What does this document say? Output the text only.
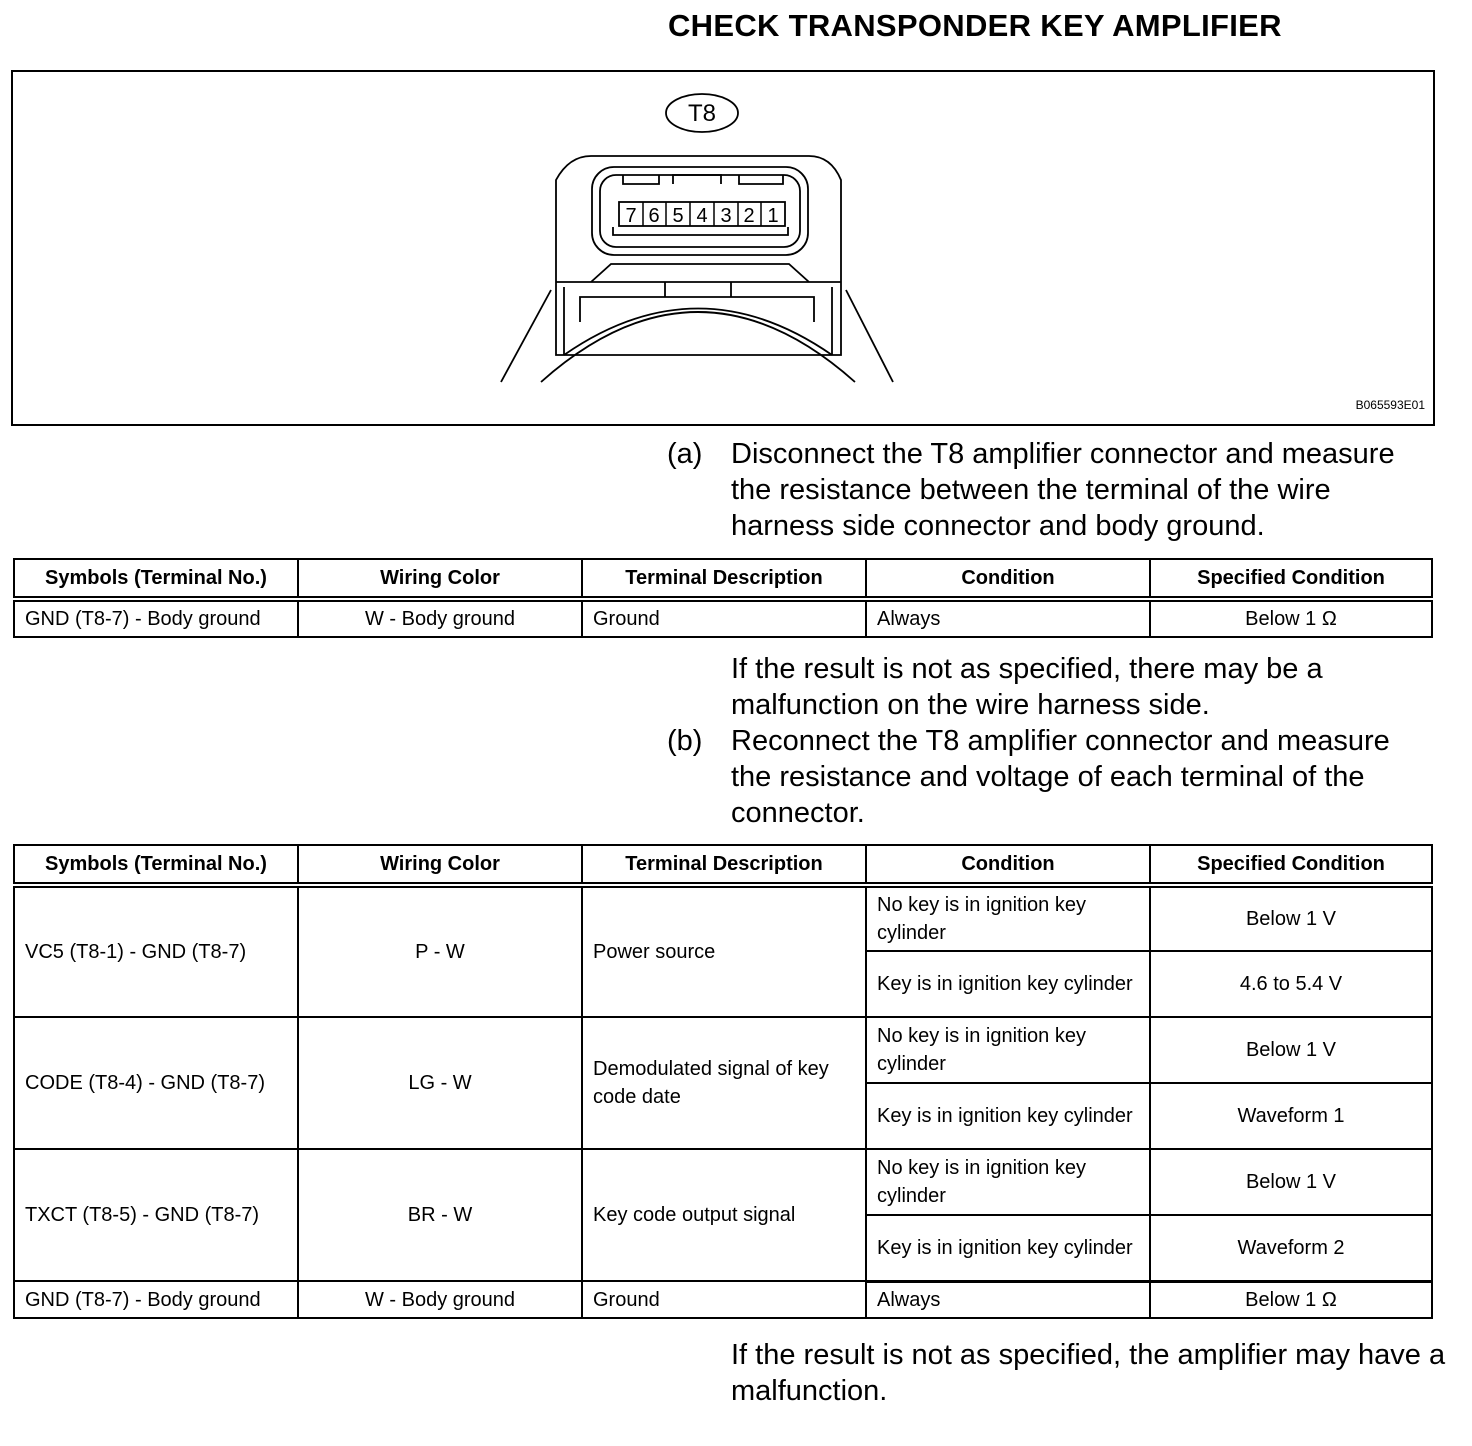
CHECK TRANSPONDER KEY AMPLIFIER
7 6 5 4 3 2 1
T8
B065593E01
(a) Disconnect the T8 amplifier connector and measure the resistance between the terminal of the wire harness side connector and body ground.
Symbols (Terminal No.)	Wiring Color	Terminal Description	Condition	Specified Condition
GND (T8-7) - Body ground	W - Body ground	Ground	Always	Below 1 Ω
If the result is not as specified, there may be a malfunction on the wire harness side.
(b) Reconnect the T8 amplifier connector and measure the resistance and voltage of each terminal of the connector.
Symbols (Terminal No.)	Wiring Color	Terminal Description	Condition	Specified Condition
VC5 (T8-1) - GND (T8-7)	P - W	Power source	No key is in ignition key cylinder	Below 1 V
			Key is in ignition key cylinder	4.6 to 5.4 V
CODE (T8-4) - GND (T8-7)	LG - W	Demodulated signal of key code date	No key is in ignition key cylinder	Below 1 V
			Key is in ignition key cylinder	Waveform 1
TXCT (T8-5) - GND (T8-7)	BR - W	Key code output signal	No key is in ignition key cylinder	Below 1 V
			Key is in ignition key cylinder	Waveform 2
GND (T8-7) - Body ground	W - Body ground	Ground	Always	Below 1 Ω
If the result is not as specified, the amplifier may have a malfunction.
